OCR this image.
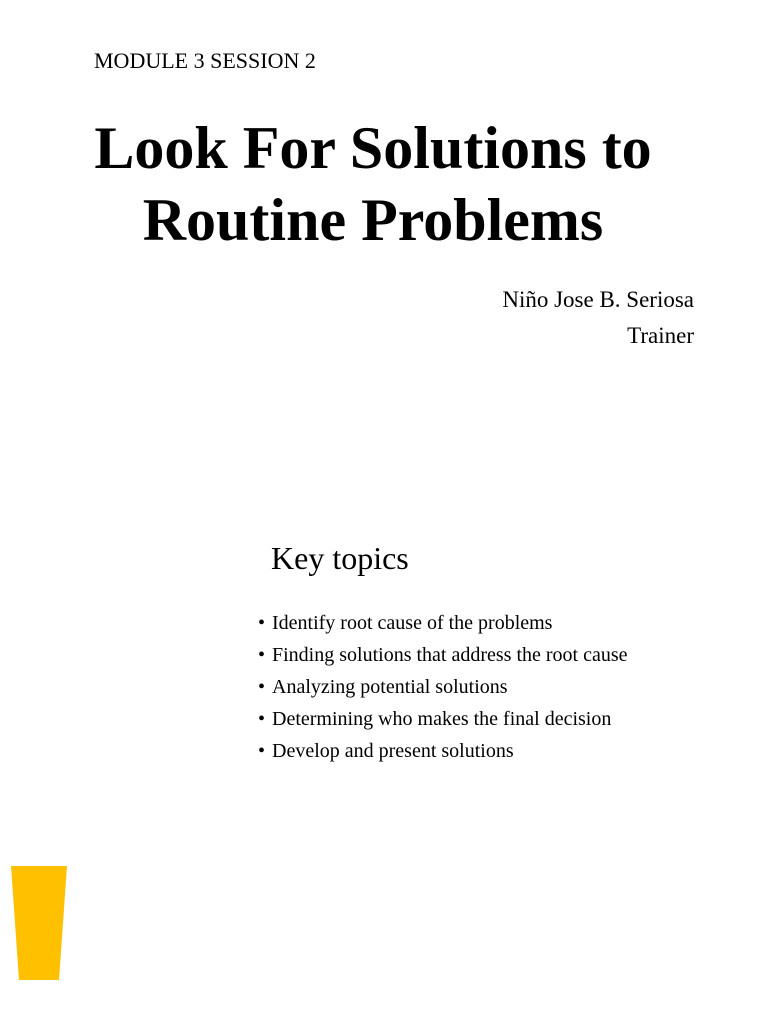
MODULE 3 SESSION 2
Look For Solutions to
Routine Problems
Niño Jose B. Seriosa
Trainer
Key topics
• Identify root cause of the problems
• Finding solutions that address the root cause
• Analyzing potential solutions
• Determining who makes the final decision
• Develop and present solutions
